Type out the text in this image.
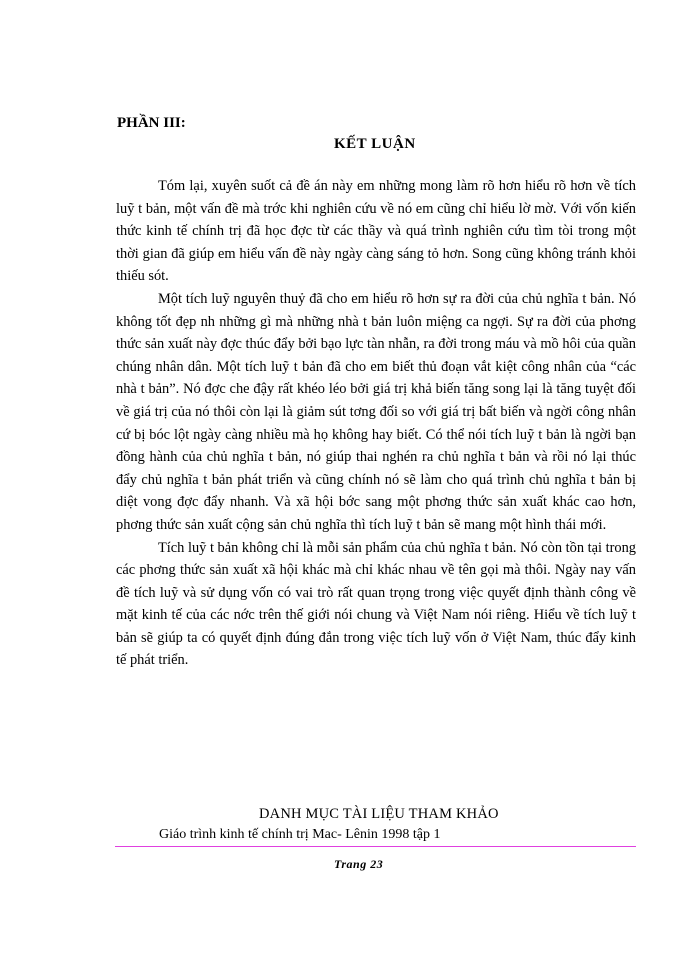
PHẦN III:
KẾT LUẬN

Tóm lại, xuyên suốt cả đề án này em những mong làm rõ hơn hiểu rõ hơn về tích luỹ t bản, một vấn đề mà trớc khi nghiên cứu về nó em cũng chỉ hiểu lờ mờ. Với vốn kiến thức kinh tế chính trị đã học đợc từ các thầy và quá trình nghiên cứu tìm tòi trong một thời gian đã giúp em hiểu vấn đề này ngày càng sáng tỏ hơn. Song cũng không tránh khỏi thiếu sót.

Một tích luỹ nguyên thuỷ đã cho em hiểu rõ hơn sự ra đời của chủ nghĩa t bản. Nó không tốt đẹp nh những gì mà những nhà t bản luôn miệng ca ngợi. Sự ra đời của phơng thức sản xuất này đợc thúc đẩy bởi bạo lực tàn nhẫn, ra đời trong máu và mồ hôi của quần chúng nhân dân. Một tích luỹ t bản đã cho em biết thủ đoạn vắt kiệt công nhân của “các nhà t bản”. Nó đợc che đậy rất khéo léo bởi giá trị khả biến tăng song lại là tăng tuyệt đối về giá trị của nó thôi còn lại là giảm sút tơng đối so với giá trị bất biến và ngời công nhân cứ bị bóc lột ngày càng nhiều mà họ không hay biết. Có thể nói tích luỹ t bản là ngời bạn đồng hành của chủ nghĩa t bản, nó giúp thai nghén ra chủ nghĩa t bản và rồi nó lại thúc đẩy chủ nghĩa t bản phát triển và cũng chính nó sẽ làm cho quá trình chủ nghĩa t bản bị diệt vong đợc đẩy nhanh. Và xã hội bớc sang một phơng thức sản xuất khác cao hơn, phơng thức sản xuất cộng sản chủ nghĩa thì tích luỹ t bản sẽ mang một hình thái mới.

Tích luỹ t bản không chỉ là mỗi sản phẩm của chủ nghĩa t bản. Nó còn tồn tại trong các phơng thức sản xuất xã hội khác mà chỉ khác nhau về tên gọi mà thôi. Ngày nay vấn đề tích luỹ và sử dụng vốn có vai trò rất quan trọng trong việc quyết định thành công về mặt kinh tế của các nớc trên thế giới nói chung và Việt Nam nói riêng. Hiểu về tích luỹ t bản sẽ giúp ta có quyết định đúng đắn trong việc tích luỹ vốn ở Việt Nam, thúc đẩy kinh tế phát triển.

DANH MỤC TÀI LIỆU THAM KHẢO
Giáo trình kinh tế chính trị Mac- Lênin 1998 tập 1
Trang 23
